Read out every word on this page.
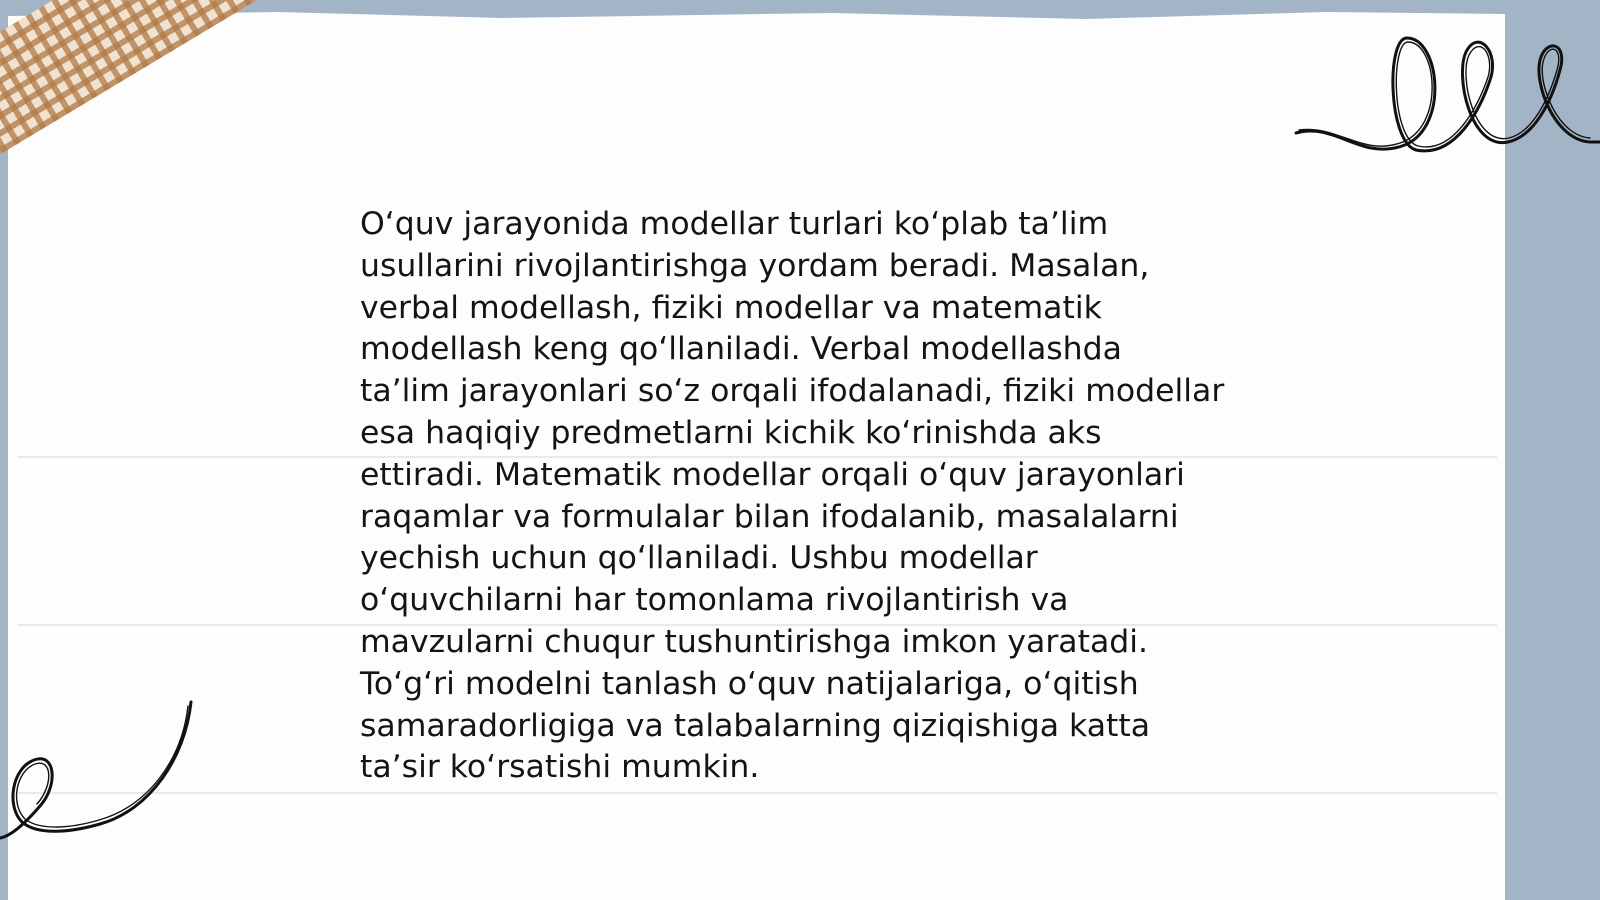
O‘quv jarayonida modellar turlari ko‘plab ta’lim
usullarini rivojlantirishga yordam beradi. Masalan,
verbal modellash, fiziki modellar va matematik
modellash keng qo‘llaniladi. Verbal modellashda
ta’lim jarayonlari so‘z orqali ifodalanadi, fiziki modellar
esa haqiqiy predmetlarni kichik ko‘rinishda aks
ettiradi. Matematik modellar orqali o‘quv jarayonlari
raqamlar va formulalar bilan ifodalanib, masalalarni
yechish uchun qo‘llaniladi. Ushbu modellar
o‘quvchilarni har tomonlama rivojlantirish va
mavzularni chuqur tushuntirishga imkon yaratadi.
To‘g‘ri modelni tanlash o‘quv natijalariga, o‘qitish
samaradorligiga va talabalarning qiziqishiga katta
ta’sir ko‘rsatishi mumkin.
